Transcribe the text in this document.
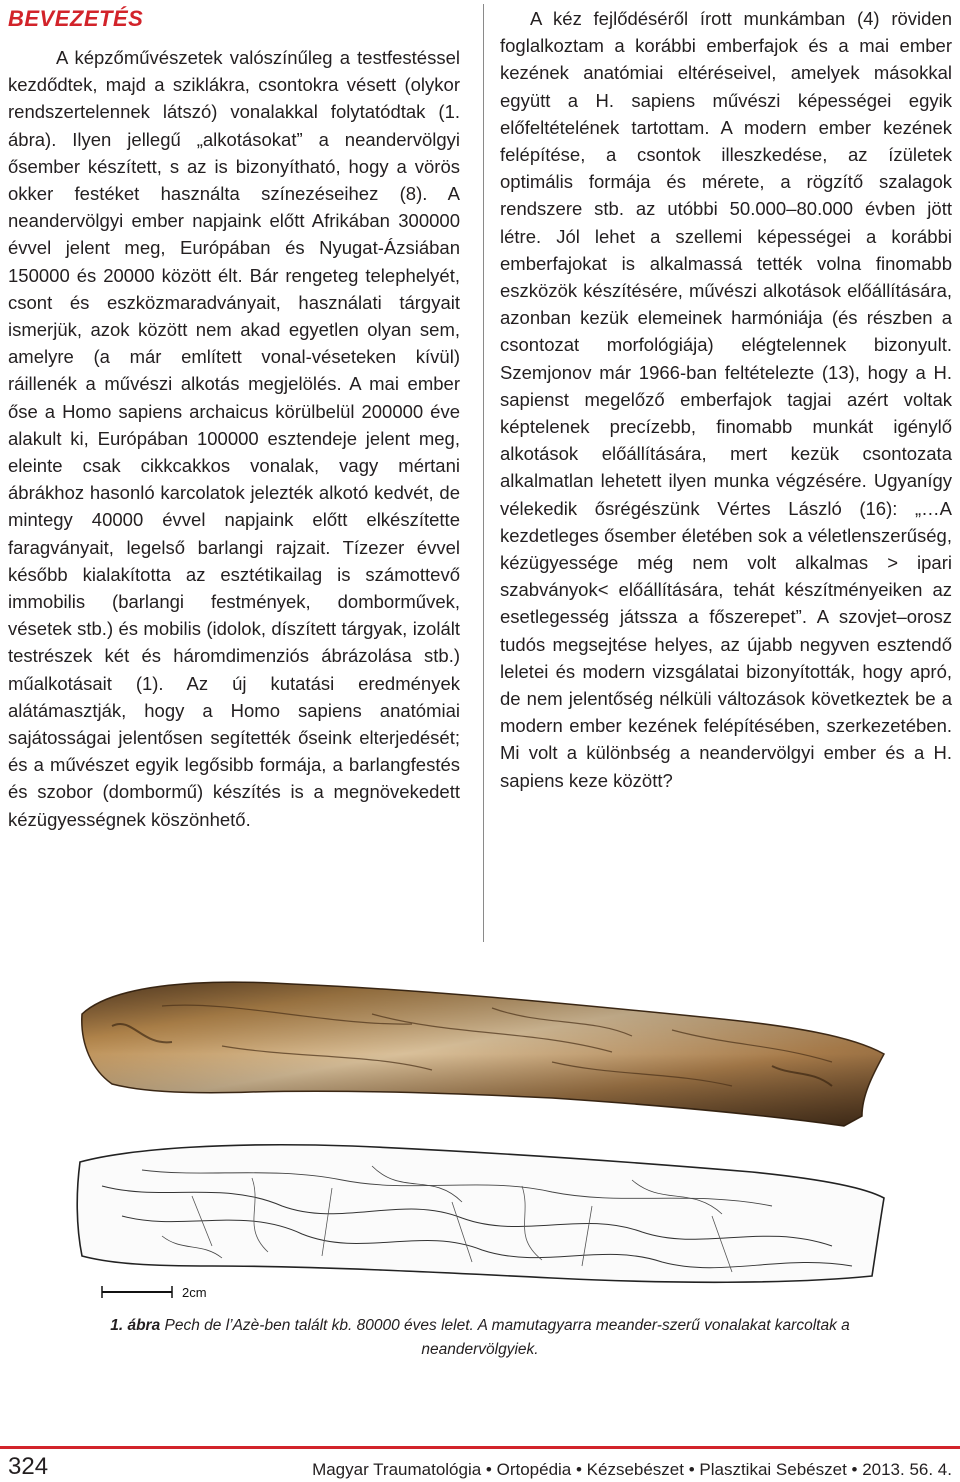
BEVEZETÉS

A képzőművészetek valószínűleg a testfestéssel kezdődtek, majd a sziklákra, csontokra vésett (olykor rendszertelennek látszó) vonalakkal folytatódtak (1. ábra). Ilyen jellegű „alkotásokat” a neandervölgyi ősember készített, s az is bizonyítható, hogy a vörös okker festéket használta színezéseihez (8). A neandervölgyi ember napjaink előtt Afrikában 300000 évvel jelent meg, Európában és Nyugat-Ázsiában 150000 és 20000 között élt. Bár rengeteg telephelyét, csont és eszközmaradványait, használati tárgyait ismerjük, azok között nem akad egyetlen olyan sem, amelyre (a már említett vonal-véseteken kívül) ráillenék a művészi alkotás megjelölés. A mai ember őse a Homo sapiens archaicus körülbelül 200000 éve alakult ki, Európában 100000 esztendeje jelent meg, eleinte csak cikkcakkos vonalak, vagy mértani ábrákhoz hasonló karcolatok jelezték alkotó kedvét, de mintegy 40000 évvel napjaink előtt elkészítette faragványait, legelső barlangi rajzait. Tízezer évvel később kialakította az esztétikailag is számottevő immobilis (barlangi festmények, domborművek, vésetek stb.) és mobilis (idolok, díszített tárgyak, izolált testrészek két és háromdimenziós ábrázolása stb.) műalkotásait (1). Az új kutatási eredmények alátámasztják, hogy a Homo sapiens anatómiai sajátosságai jelentősen segítették őseink elterjedését; és a művészet egyik legősibb formája, a barlangfestés és szobor (dombormű) készítés is a megnövekedett kézügyességnek köszönhető.

A kéz fejlődéséről írott munkámban (4) röviden foglalkoztam a korábbi emberfajok és a mai ember kezének anatómiai eltéréseivel, amelyek másokkal együtt a H. sapiens művészi képességei egyik előfeltételének tartottam. A modern ember kezének felépítése, a csontok illeszkedése, az ízületek optimális formája és mérete, a rögzítő szalagok rendszere stb. az utóbbi 50.000–80.000 évben jött létre. Jól lehet a szellemi képességei a korábbi emberfajokat is alkalmassá tették volna finomabb eszközök készítésére, művészi alkotások előállítására, azonban kezük elemeinek harmóniája (és részben a csontozat morfológiája) elégtelennek bizonyult. Szemjonov már 1966-ban feltételezte (13), hogy a H. sapienst megelőző emberfajok tagjai azért voltak képtelenek precízebb, finomabb munkát igénylő alkotások előállítására, mert kezük csontozata alkalmatlan lehetett ilyen munka végzésére. Ugyanígy vélekedik ősrégészünk Vértes László (16): „…A kezdetleges ősember életében sok a véletlenszerűség, kézügyessége még nem volt alkalmas > ipari szabványok< előállítására, tehát készítményeiken az esetlegesség játssza a főszerepet”. A szovjet–orosz tudós megsejtése helyes, az újabb negyven esztendő leletei és modern vizsgálatai bizonyították, hogy apró, de nem jelentőség nélküli változások következtek be a modern ember kezének felépítésében, szerkezetében. Mi volt a különbség a neandervölgyi ember és a H. sapiens keze között?

2cm
1. ábra Pech de l’Azè-ben talált kb. 80000 éves lelet. A mamutagyarra meander-szerű vonalakat karcoltak a neandervölgyiek.
324	Magyar Traumatológia • Ortopédia • Kézsebészet • Plasztikai Sebészet • 2013. 56. 4.
